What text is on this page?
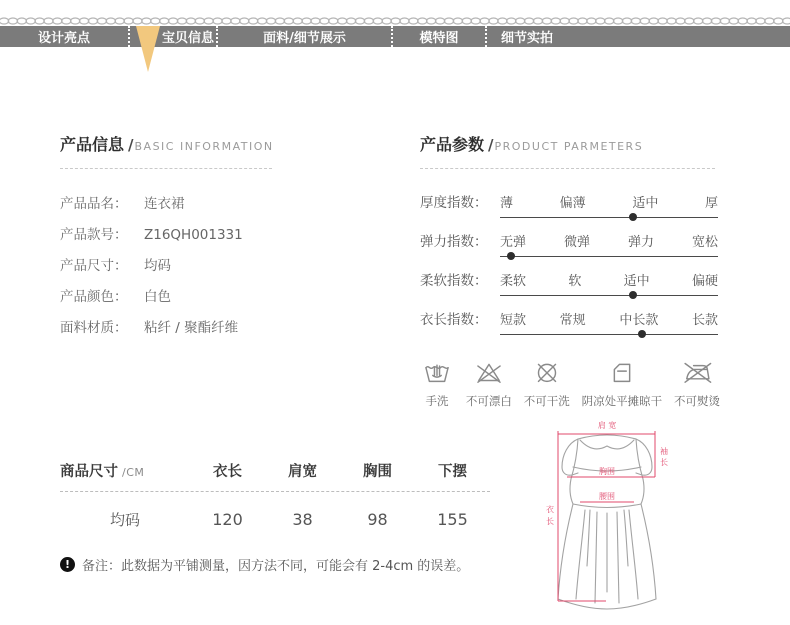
设计亮点	宝贝信息	面料/细节展示	模特图	细节实拍
产品信息 /BASIC INFORMATION
产品品名：	连衣裙
产品款号：	Z16QH001331
产品尺寸：	均码
产品颜色：	白色
面料材质：	粘纤 / 聚酯纤维
产品参数 /PRODUCT PARMETERS
厚度指数： 薄	偏薄	适中	厚
弹力指数： 无弹	微弹	弹力	宽松
柔软指数： 柔软	软	适中	偏硬
衣长指数： 短款	常规	中长款	长款
手洗 不可漂白 不可干洗 阴凉处平摊晾干 不可熨烫
商品尺寸 /CM	衣长	肩宽	胸围	下摆
均码	120	38	98	155
! 备注：此数据为平铺测量，因方法不同，可能会有 2-4cm 的误差。
肩 宽
袖 长
胸围
腰围
衣 长
